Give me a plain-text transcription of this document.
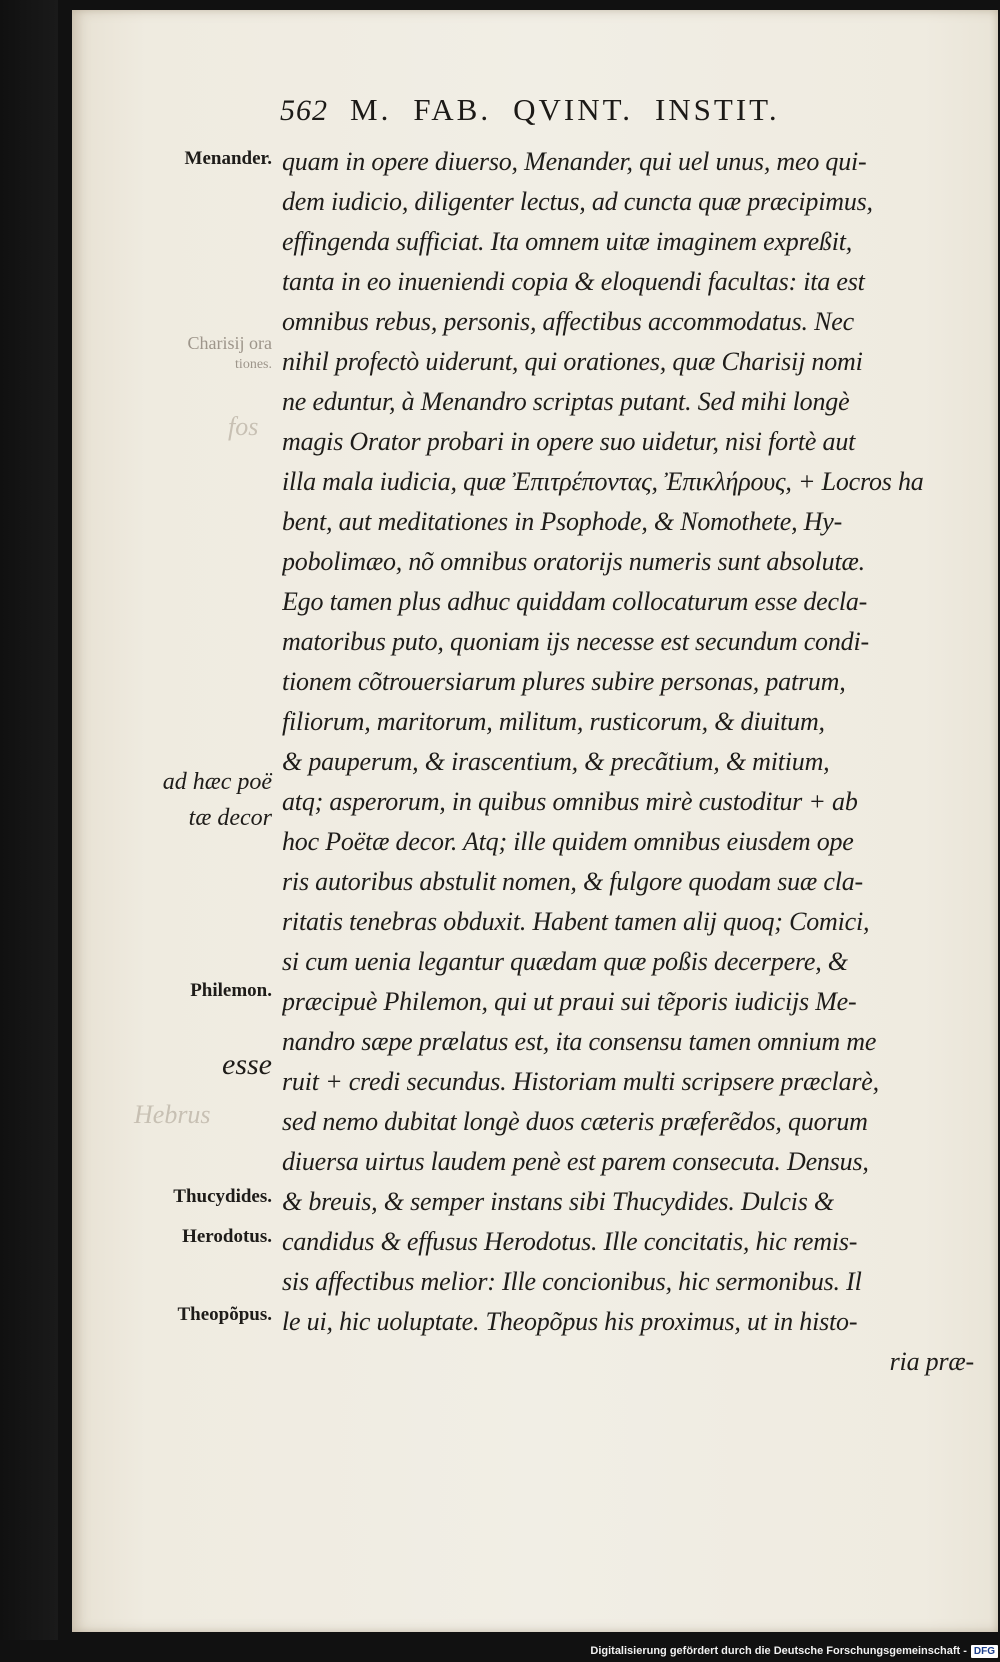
562 M. FAB. QVINT. INSTIT.
Menander.
Charisij ora
tiones.
fos
ad hæc poë
tæ decor
Philemon.
esse
Hebrus
Thucydides.
Herodotus.
Theopõpus.
quam in opere diuerso, Menander, qui uel unus, meo qui-
dem iudicio, diligenter lectus, ad cuncta quæ præcipimus,
effingenda sufficiat. Ita omnem uitæ imaginem expreßit,
tanta in eo inueniendi copia & eloquendi facultas: ita est
omnibus rebus, personis, affectibus accommodatus. Nec
nihil profectò uiderunt, qui orationes, quæ Charisij nomi
ne eduntur, à Menandro scriptas putant. Sed mihi longè
magis Orator probari in opere suo uidetur, nisi fortè aut
illa mala iudicia, quæ Ἐπιτρέποντας, Ἐπικλήρους, + Locros ha
bent, aut meditationes in Psophode, & Nomothete, Hy-
pobolimæo, nõ omnibus oratorijs numeris sunt absolutæ.
Ego tamen plus adhuc quiddam collocaturum esse decla-
matoribus puto, quoniam ijs necesse est secundum condi-
tionem cõtrouersiarum plures subire personas, patrum,
filiorum, maritorum, militum, rusticorum, & diuitum,
& pauperum, & irascentium, & precãtium, & mitium,
atq; asperorum, in quibus omnibus mirè custoditur + ab
hoc Poëtæ decor. Atq; ille quidem omnibus eiusdem ope
ris autoribus abstulit nomen, & fulgore quodam suæ cla-
ritatis tenebras obduxit. Habent tamen alij quoq; Comici,
si cum uenia legantur quædam quæ poßis decerpere, &
præcipuè Philemon, qui ut praui sui tẽporis iudicijs Me-
nandro sæpe prælatus est, ita consensu tamen omnium me
ruit + credi secundus. Historiam multi scripsere præclarè,
sed nemo dubitat longè duos cæteris præferẽdos, quorum
diuersa uirtus laudem penè est parem consecuta. Densus,
& breuis, & semper instans sibi Thucydides. Dulcis &
candidus & effusus Herodotus. Ille concitatis, hic remis-
sis affectibus melior: Ille concionibus, hic sermonibus. Il
le ui, hic uoluptate. Theopõpus his proximus, ut in histo-
ria præ-
Digitalisierung gefördert durch die Deutsche Forschungsgemeinschaft - DFG
